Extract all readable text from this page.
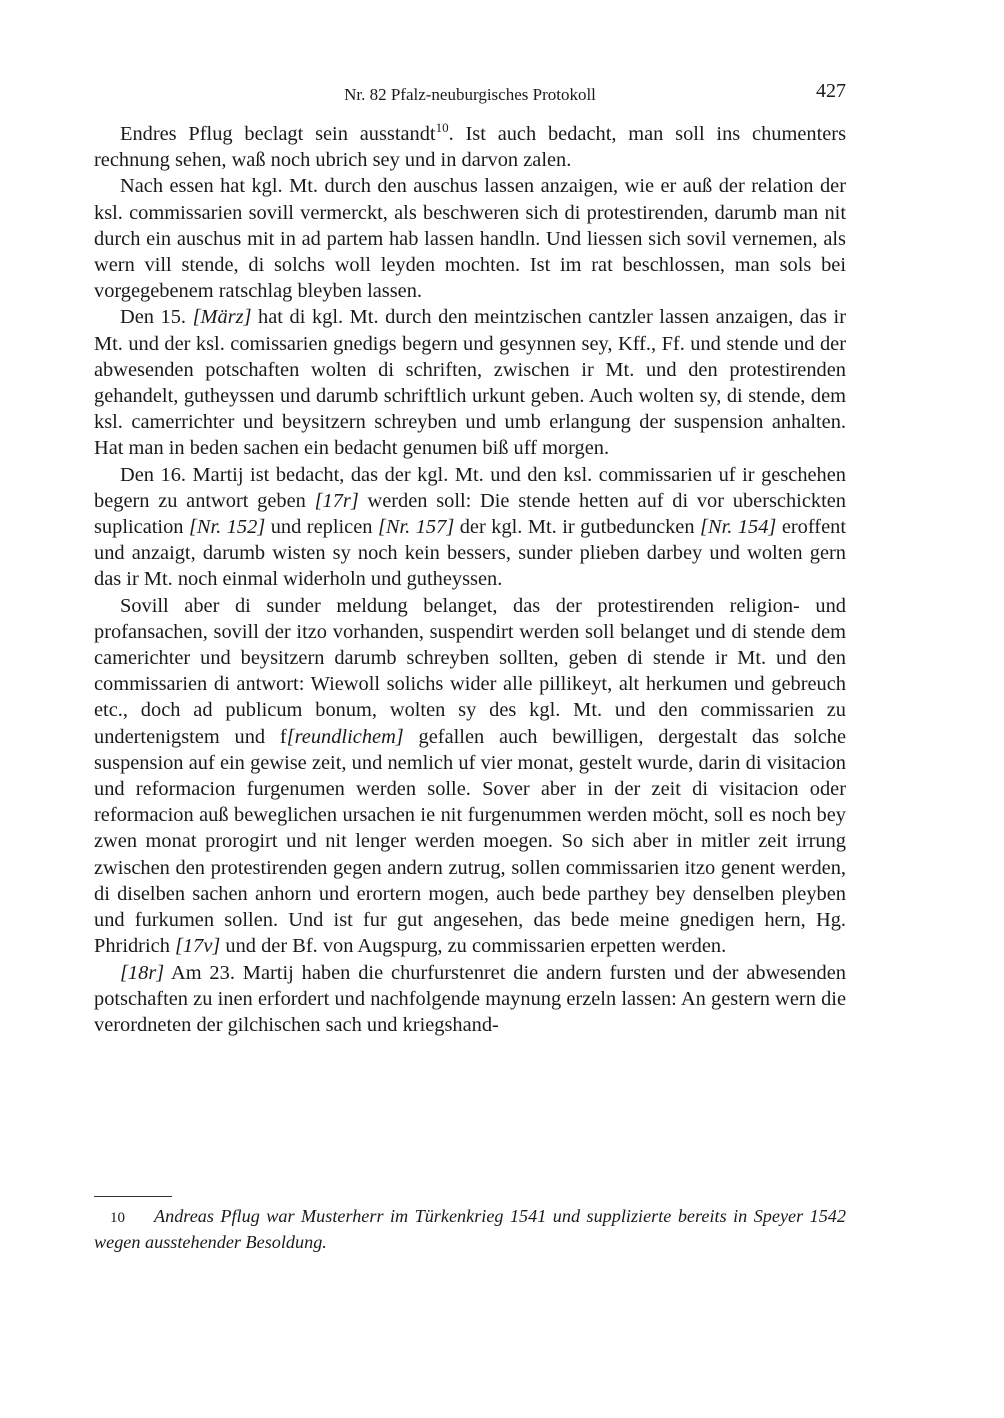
Nr. 82 Pfalz-neuburgisches Protokoll	427

Endres Pflug beclagt sein ausstandt$^{10}$. Ist auch bedacht, man soll ins chumenters rechnung sehen, waß noch ubrich sey und in darvon zalen.

Nach essen hat kgl. Mt. durch den auschus lassen anzaigen, wie er auß der relation der ksl. commissarien sovill vermerckt, als beschweren sich di protestirenden, darumb man nit durch ein auschus mit in ad partem hab lassen handln. Und liessen sich sovil vernemen, als wern vill stende, di solchs woll leyden mochten. Ist im rat beschlossen, man sols bei vorgegebenem ratschlag bleyben lassen.

Den 15. [März] hat di kgl. Mt. durch den meintzischen cantzler lassen anzaigen, das ir Mt. und der ksl. comissarien gnedigs begern und gesynnen sey, Kff., Ff. und stende und der abwesenden potschaften wolten di schriften, zwischen ir Mt. und den protestirenden gehandelt, gutheyssen und darumb schriftlich urkunt geben. Auch wolten sy, di stende, dem ksl. camerrichter und beysitzern schreyben und umb erlangung der suspension anhalten. Hat man in beden sachen ein bedacht genumen biß uff morgen.

Den 16. Martij ist bedacht, das der kgl. Mt. und den ksl. commissarien uf ir geschehen begern zu antwort geben [17r] werden soll: Die stende hetten auf di vor uberschickten suplication [Nr. 152] und replicen [Nr. 157] der kgl. Mt. ir gutbeduncken [Nr. 154] eroffent und anzaigt, darumb wisten sy noch kein bessers, sunder plieben darbey und wolten gern das ir Mt. noch einmal widerholn und gutheyssen.

Sovill aber di sunder meldung belanget, das der protestirenden religion- und profansachen, sovill der itzo vorhanden, suspendirt werden soll belanget und di stende dem camerichter und beysitzern darumb schreyben sollten, geben di stende ir Mt. und den commissarien di antwort: Wiewoll solichs wider alle pillikeyt, alt herkumen und gebreuch etc., doch ad publicum bonum, wolten sy des kgl. Mt. und den commissarien zu undertenigstem und f[reundlichem] gefallen auch bewilligen, dergestalt das solche suspension auf ein gewise zeit, und nemlich uf vier monat, gestelt wurde, darin di visitacion und reformacion furgenumen werden solle. Sover aber in der zeit di visitacion oder reformacion auß beweglichen ursachen ie nit furgenummen werden möcht, soll es noch bey zwen monat prorogirt und nit lenger werden moegen. So sich aber in mitler zeit irrung zwischen den protestirenden gegen andern zutrug, sollen commissarien itzo genent werden, di diselben sachen anhorn und erortern mogen, auch bede parthey bey denselben pleyben und furkumen sollen. Und ist fur gut angesehen, das bede meine gnedigen hern, Hg. Phridrich [17v] und der Bf. von Augspurg, zu commissarien erpetten werden.

[18r] Am 23. Martij haben die churfurstenret die andern fursten und der abwesenden potschaften zu inen erfordert und nachfolgende maynung erzeln lassen: An gestern wern die verordneten der gilchischen sach und kriegshand-

10 Andreas Pflug war Musterherr im Türkenkrieg 1541 und supplizierte bereits in Speyer 1542 wegen ausstehender Besoldung.
